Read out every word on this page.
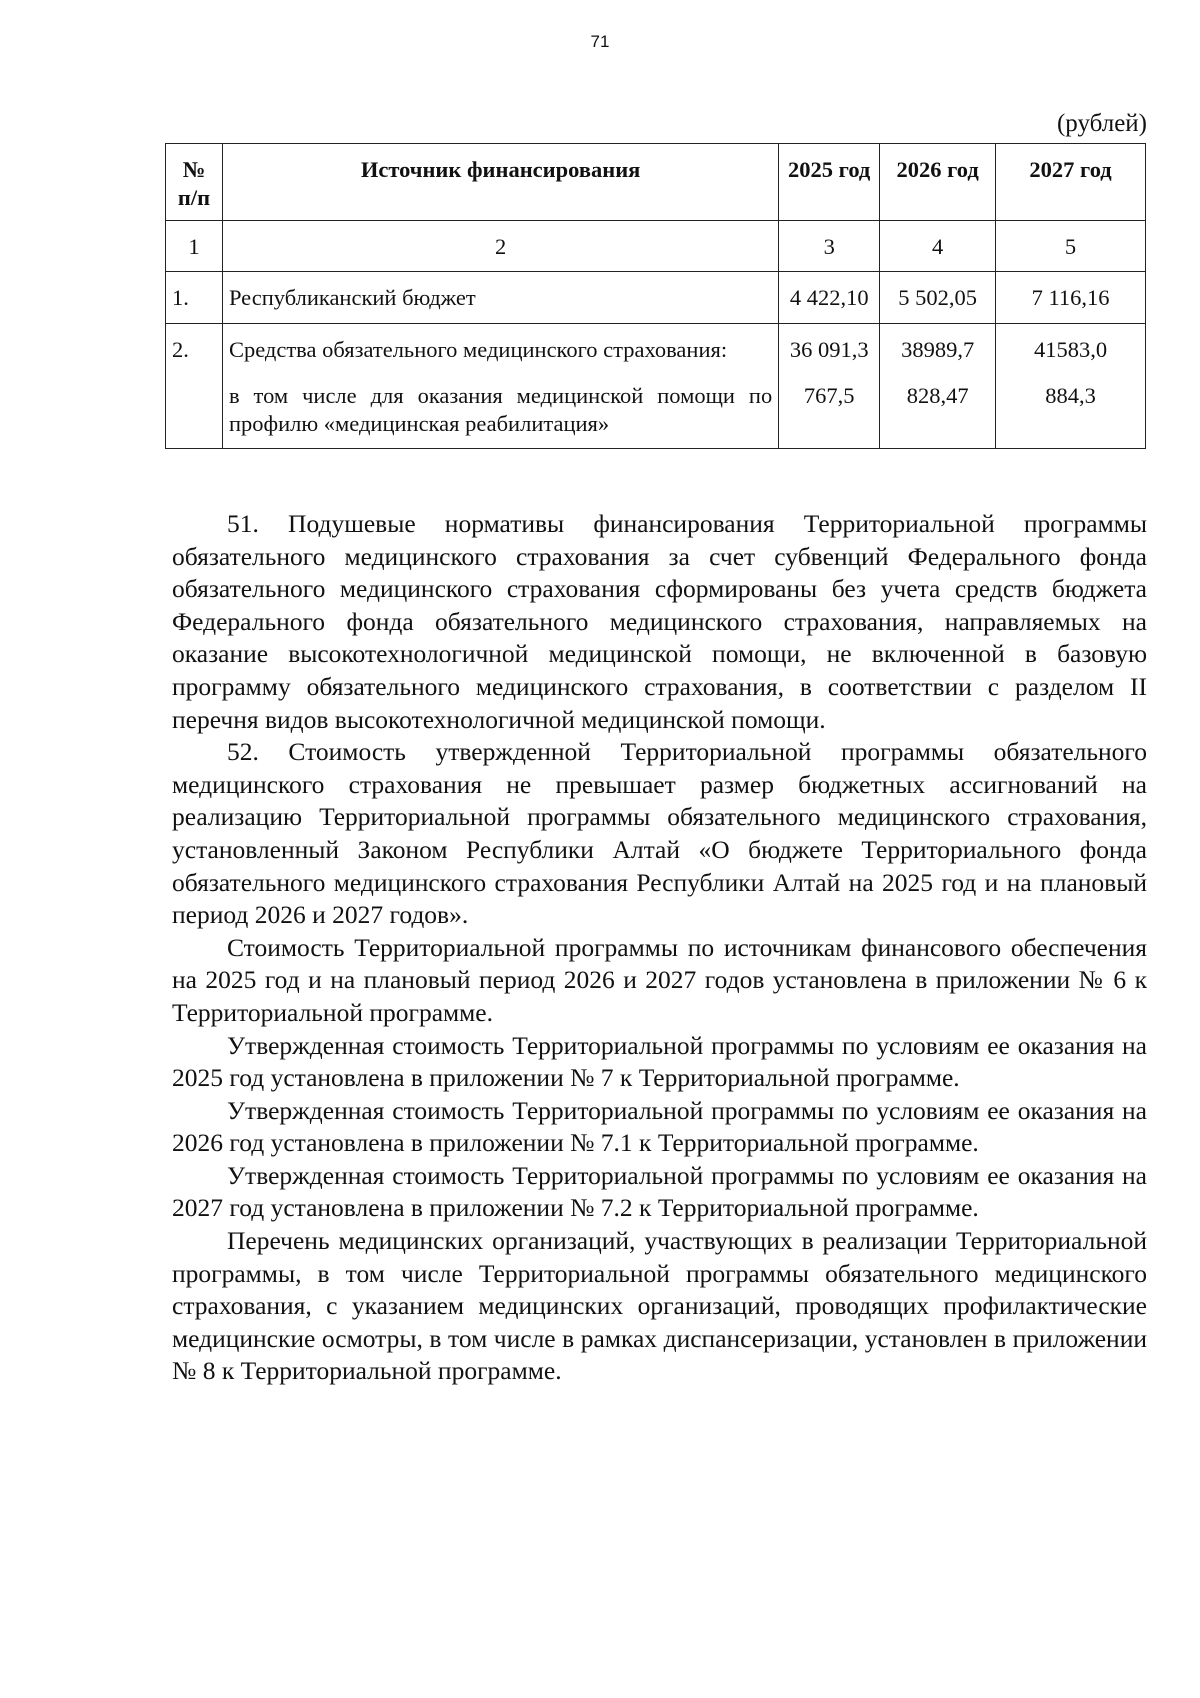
71
(рублей)
№ п/п	Источник финансирования	2025 год	2026 год	2027 год
1	2	3	4	5
1.	Республиканский бюджет	4 422,10	5 502,05	7 116,16
2.	Средства обязательного медицинского страхования:	36 091,3	38989,7	41583,0
	в том числе для оказания медицинской помощи по профилю «медицинская реабилитация»	767,5	828,47	884,3

51. Подушевые нормативы финансирования Территориальной программы обязательного медицинского страхования за счет субвенций Федерального фонда обязательного медицинского страхования сформированы без учета средств бюджета Федерального фонда обязательного медицинского страхования, направляемых на оказание высокотехнологичной медицинской помощи, не включенной в базовую программу обязательного медицинского страхования, в соответствии с разделом II перечня видов высокотехнологичной медицинской помощи.

52. Стоимость утвержденной Территориальной программы обязательного медицинского страхования не превышает размер бюджетных ассигнований на реализацию Территориальной программы обязательного медицинского страхования, установленный Законом Республики Алтай «О бюджете Территориального фонда обязательного медицинского страхования Республики Алтай на 2025 год и на плановый период 2026 и 2027 годов».

Стоимость Территориальной программы по источникам финансового обеспечения на 2025 год и на плановый период 2026 и 2027 годов установлена в приложении № 6 к Территориальной программе.

Утвержденная стоимость Территориальной программы по условиям ее оказания на 2025 год установлена в приложении № 7 к Территориальной программе.

Утвержденная стоимость Территориальной программы по условиям ее оказания на 2026 год установлена в приложении № 7.1 к Территориальной программе.

Утвержденная стоимость Территориальной программы по условиям ее оказания на 2027 год установлена в приложении № 7.2 к Территориальной программе.

Перечень медицинских организаций, участвующих в реализации Территориальной программы, в том числе Территориальной программы обязательного медицинского страхования, с указанием медицинских организаций, проводящих профилактические медицинские осмотры, в том числе в рамках диспансеризации, установлен в приложении № 8 к Территориальной программе.
